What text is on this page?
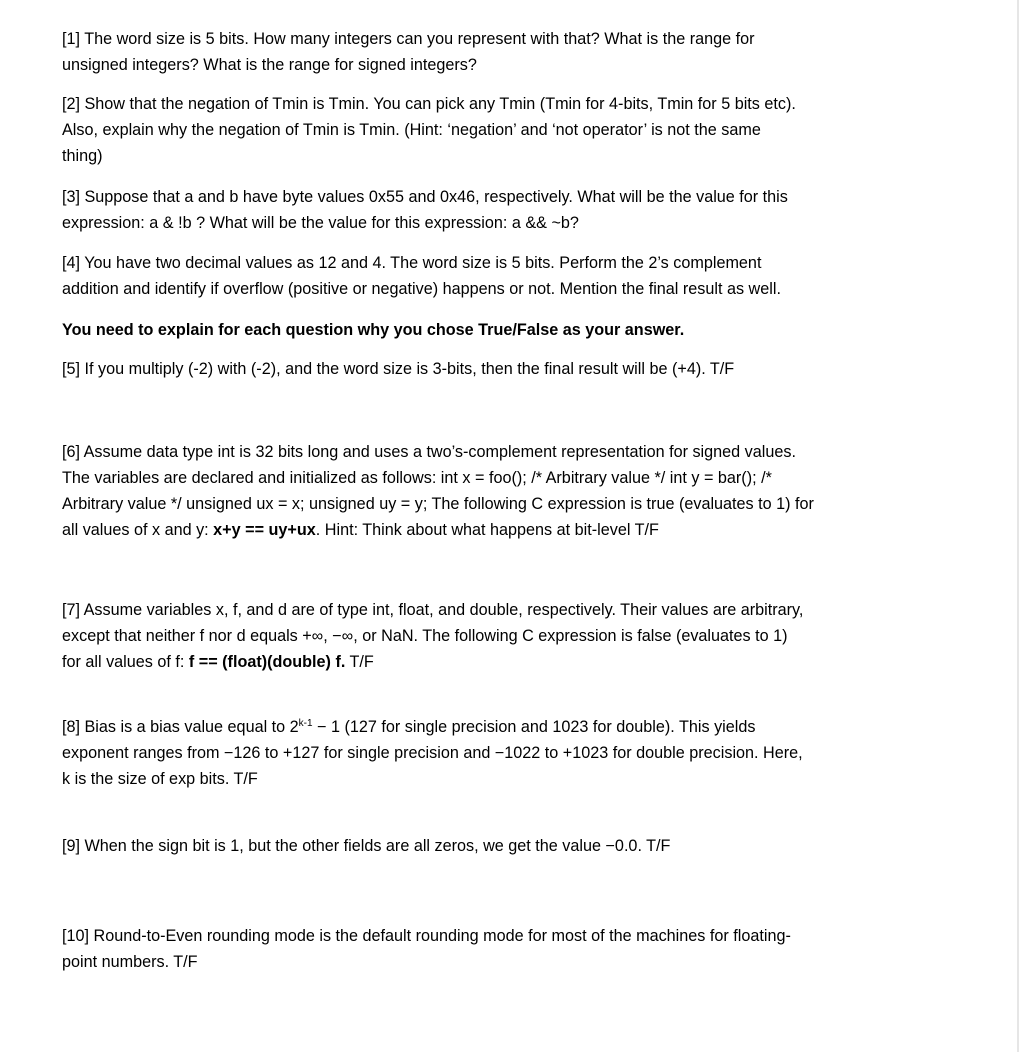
[1] The word size is 5 bits. How many integers can you represent with that? What is the range for
unsigned integers? What is the range for signed integers?
[2] Show that the negation of Tmin is Tmin. You can pick any Tmin (Tmin for 4-bits, Tmin for 5 bits etc).
Also, explain why the negation of Tmin is Tmin. (Hint: ‘negation’ and ‘not operator’ is not the same
thing)
[3] Suppose that a and b have byte values 0x55 and 0x46, respectively. What will be the value for this
expression: a & !b ? What will be the value for this expression: a && ~b?
[4] You have two decimal values as 12 and 4. The word size is 5 bits. Perform the 2’s complement
addition and identify if overflow (positive or negative) happens or not. Mention the final result as well.
You need to explain for each question why you chose True/False as your answer.
[5] If you multiply (-2) with (-2), and the word size is 3-bits, then the final result will be (+4). T/F
[6] Assume data type int is 32 bits long and uses a two’s-complement representation for signed values.
The variables are declared and initialized as follows: int x = foo(); /* Arbitrary value */ int y = bar(); /*
Arbitrary value */ unsigned ux = x; unsigned uy = y; The following C expression is true (evaluates to 1) for
all values of x and y: x+y == uy+ux. Hint: Think about what happens at bit-level T/F
[7] Assume variables x, f, and d are of type int, float, and double, respectively. Their values are arbitrary,
except that neither f nor d equals +∞, −∞, or NaN. The following C expression is false (evaluates to 1)
for all values of f: f == (float)(double) f. T/F
[8] Bias is a bias value equal to $2^{k-1} - 1$ (127 for single precision and 1023 for double). This yields
exponent ranges from −126 to +127 for single precision and −1022 to +1023 for double precision. Here,
k is the size of exp bits. T/F
[9] When the sign bit is 1, but the other fields are all zeros, we get the value −0.0. T/F
[10] Round-to-Even rounding mode is the default rounding mode for most of the machines for floating-
point numbers. T/F
